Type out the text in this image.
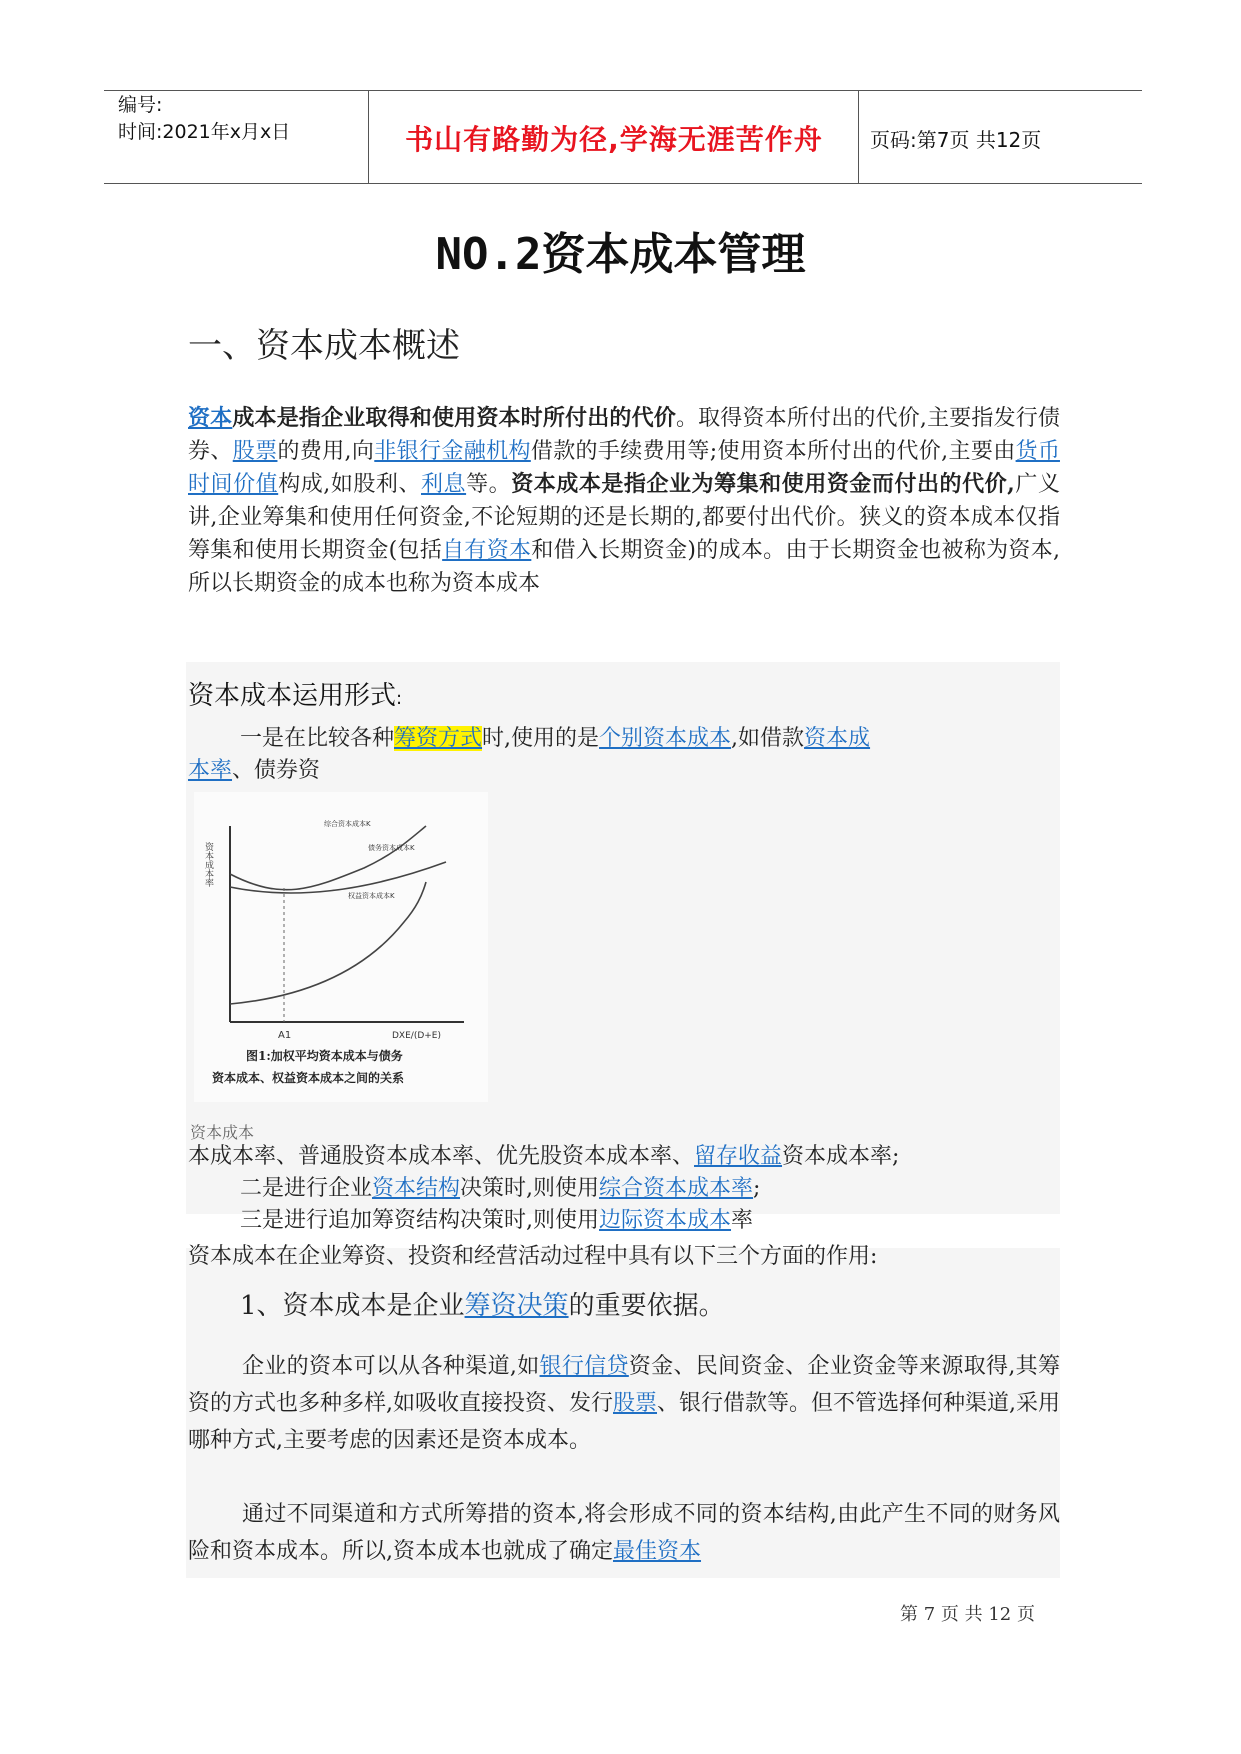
编号:
时间:2021年x月x日	书山有路勤为径,学海无涯苦作舟	页码:第7页 共12页
NO.2资本成本管理
一、资本成本概述
资本成本是指企业取得和使用资本时所付出的代价。取得资本所付出的代价,主要指发行债券、股票的费用,向非银行金融机构借款的手续费用等;使用资本所付出的代价,主要由货币时间价值构成,如股利、利息等。资本成本是指企业为筹集和使用资金而付出的代价,广义讲,企业筹集和使用任何资金,不论短期的还是长期的,都要付出代价。狭义的资本成本仅指筹集和使用长期资金(包括自有资本和借入长期资金)的成本。由于长期资金也被称为资本,所以长期资金的成本也称为资本成本
资本成本运用形式:
一是在比较各种筹资方式时,使用的是个别资本成本,如借款资本成
本率、债券资
资本成本率
综合资本成本K
债务资本成本K
权益资本成本K
A1	DXE/(D+E)
图1:加权平均资本成本与债务
资本成本、权益资本成本之间的关系
资本成本
本成本率、普通股资本成本率、优先股资本成本率、留存收益资本成本率;
二是进行企业资本结构决策时,则使用综合资本成本率;
三是进行追加筹资结构决策时,则使用边际资本成本率
资本成本在企业筹资、投资和经营活动过程中具有以下三个方面的作用:
1、资本成本是企业筹资决策的重要依据。
企业的资本可以从各种渠道,如银行信贷资金、民间资金、企业资金等来源取得,其筹资的方式也多种多样,如吸收直接投资、发行股票、银行借款等。但不管选择何种渠道,采用哪种方式,主要考虑的因素还是资本成本。
通过不同渠道和方式所筹措的资本,将会形成不同的资本结构,由此产生不同的财务风险和资本成本。所以,资本成本也就成了确定最佳资本
第 7 页 共 12 页
